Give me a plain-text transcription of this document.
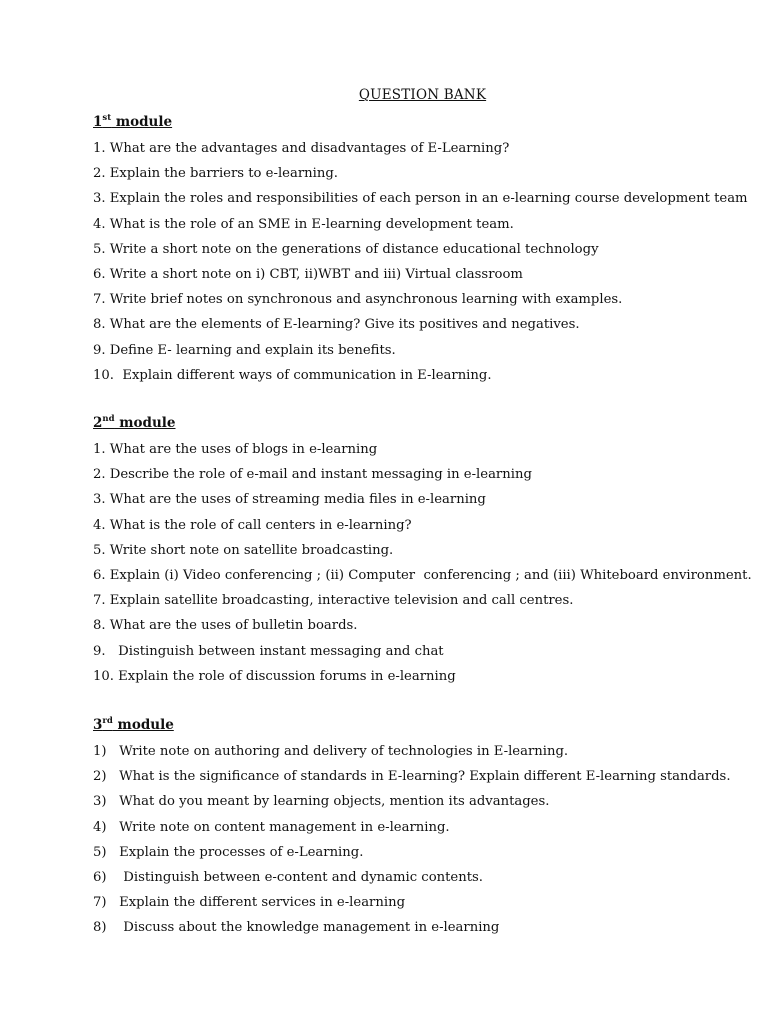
QUESTION BANK
1st module
1. What are the advantages and disadvantages of E-Learning?
2. Explain the barriers to e-learning.
3. Explain the roles and responsibilities of each person in an e-learning course development team
4. What is the role of an SME in E-learning development team.
5. Write a short note on the generations of distance educational technology
6. Write a short note on i) CBT, ii)WBT and iii) Virtual classroom
7. Write brief notes on synchronous and asynchronous learning with examples.
8. What are the elements of E-learning? Give its positives and negatives.
9. Define E- learning and explain its benefits.
10.  Explain different ways of communication in E-learning.
2nd module
1. What are the uses of blogs in e-learning
2. Describe the role of e-mail and instant messaging in e-learning
3. What are the uses of streaming media files in e-learning
4. What is the role of call centers in e-learning?
5. Write short note on satellite broadcasting.
6. Explain (i) Video conferencing ; (ii) Computer  conferencing ; and (iii) Whiteboard environment.
7. Explain satellite broadcasting, interactive television and call centres.
8. What are the uses of bulletin boards.
9.   Distinguish between instant messaging and chat
10. Explain the role of discussion forums in e-learning
3rd module
1)   Write note on authoring and delivery of technologies in E-learning.
2)   What is the significance of standards in E-learning? Explain different E-learning standards.
3)   What do you meant by learning objects, mention its advantages.
4)   Write note on content management in e-learning.
5)   Explain the processes of e-Learning.
6)    Distinguish between e-content and dynamic contents.
7)   Explain the different services in e-learning
8)    Discuss about the knowledge management in e-learning
